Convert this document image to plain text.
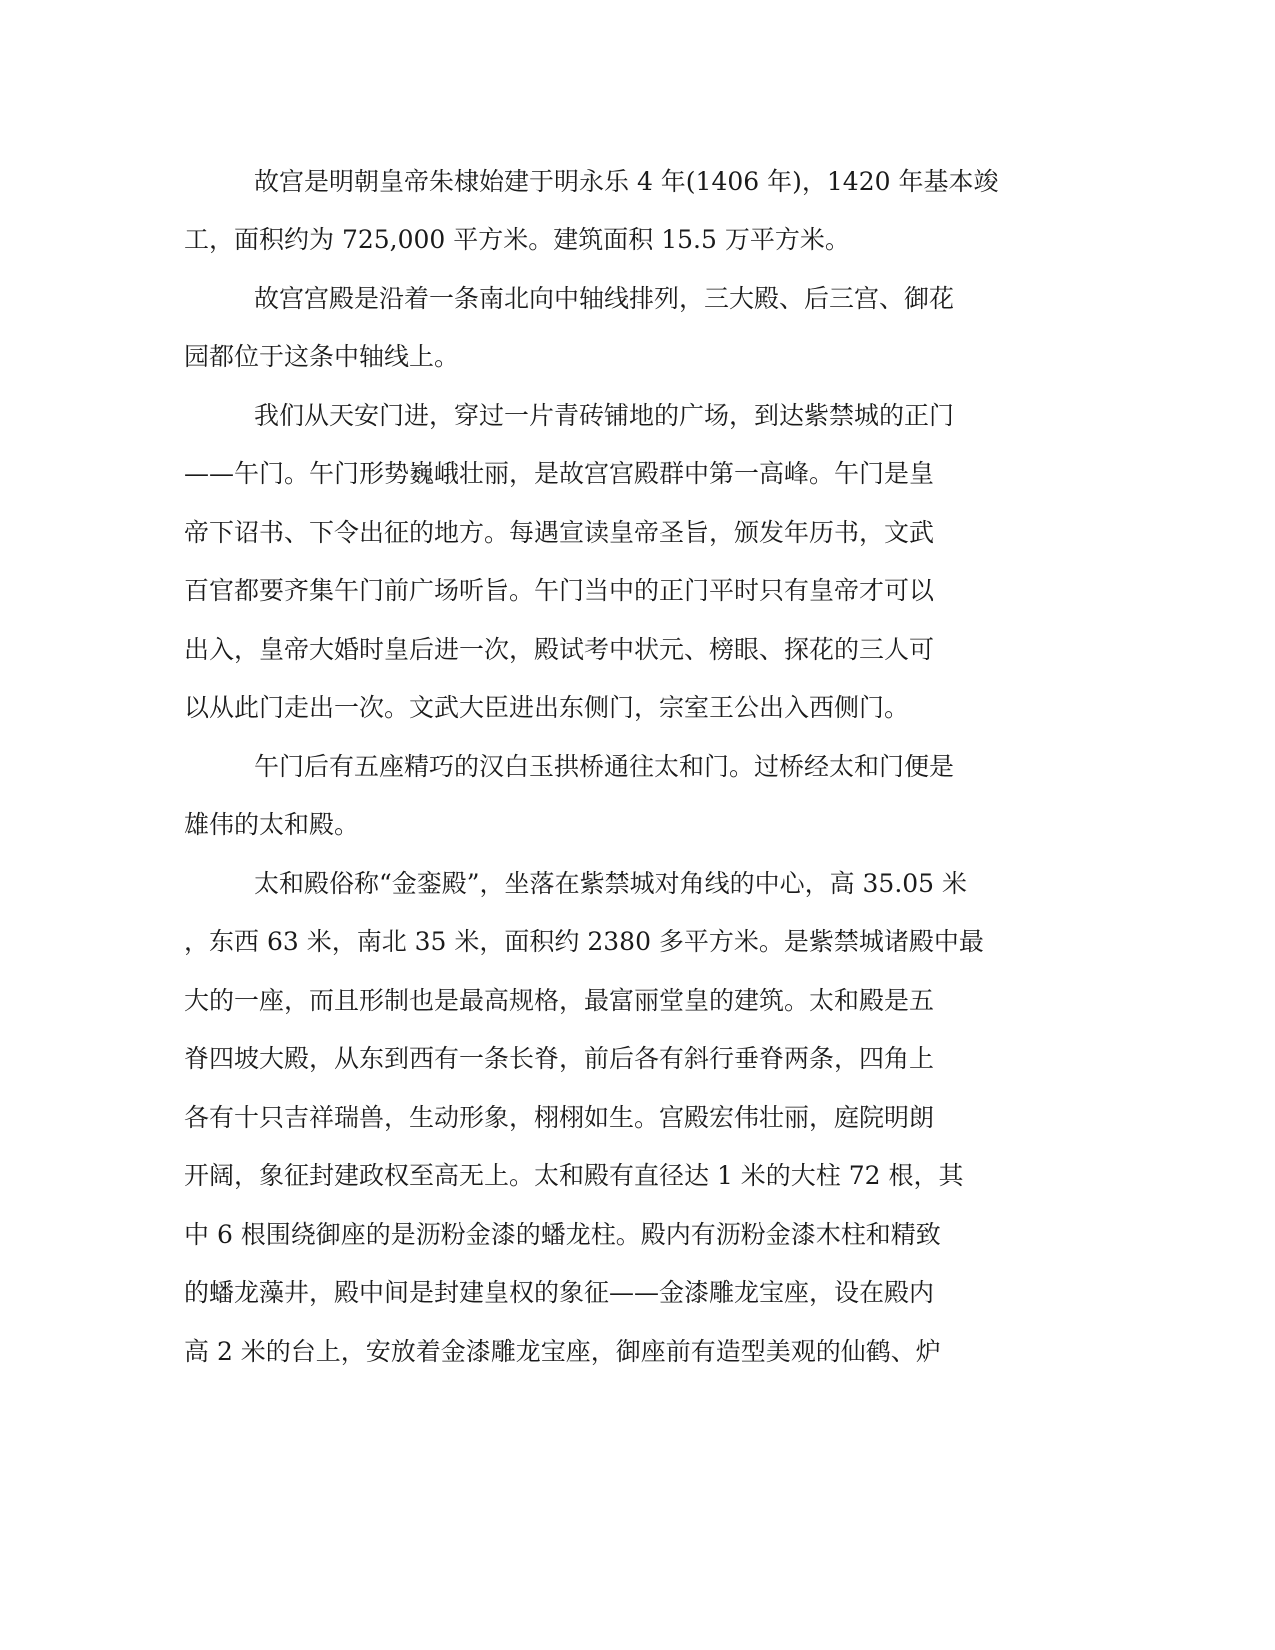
故宫是明朝皇帝朱棣始建于明永乐 4 年(1406 年)，1420 年基本竣

工，面积约为 725,000 平方米。建筑面积 15.5 万平方米。

故宫宫殿是沿着一条南北向中轴线排列，三大殿、后三宫、御花

园都位于这条中轴线上。

我们从天安门进，穿过一片青砖铺地的广场，到达紫禁城的正门

——午门。午门形势巍峨壮丽，是故宫宫殿群中第一高峰。午门是皇

帝下诏书、下令出征的地方。每遇宣读皇帝圣旨，颁发年历书，文武

百官都要齐集午门前广场听旨。午门当中的正门平时只有皇帝才可以

出入，皇帝大婚时皇后进一次，殿试考中状元、榜眼、探花的三人可

以从此门走出一次。文武大臣进出东侧门，宗室王公出入西侧门。

午门后有五座精巧的汉白玉拱桥通往太和门。过桥经太和门便是

雄伟的太和殿。

太和殿俗称“金銮殿”，坐落在紫禁城对角线的中心，高 35.05 米

，东西 63 米，南北 35 米，面积约 2380 多平方米。是紫禁城诸殿中最

大的一座，而且形制也是最高规格，最富丽堂皇的建筑。太和殿是五

脊四坡大殿，从东到西有一条长脊，前后各有斜行垂脊两条，四角上

各有十只吉祥瑞兽，生动形象，栩栩如生。宫殿宏伟壮丽，庭院明朗

开阔，象征封建政权至高无上。太和殿有直径达 1 米的大柱 72 根，其

中 6 根围绕御座的是沥粉金漆的蟠龙柱。殿内有沥粉金漆木柱和精致

的蟠龙藻井，殿中间是封建皇权的象征——金漆雕龙宝座，设在殿内

高 2 米的台上，安放着金漆雕龙宝座，御座前有造型美观的仙鹤、炉
